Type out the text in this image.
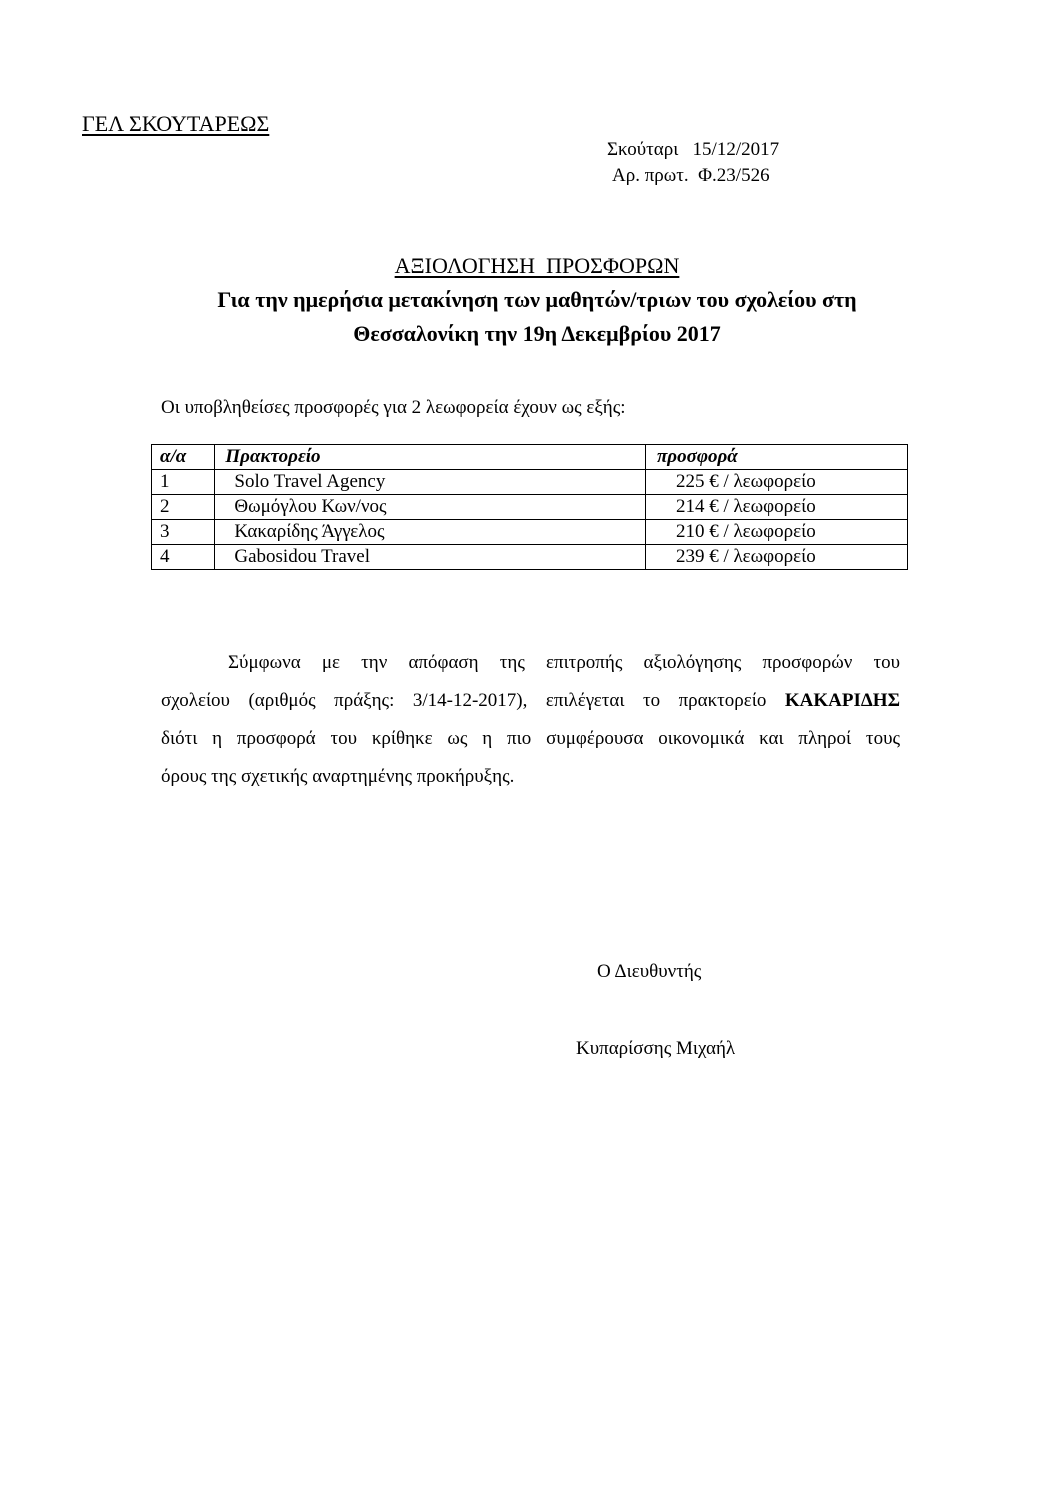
ΓΕΛ ΣΚΟΥΤΑΡΕΩΣ
Σκούταρι   15/12/2017
Αρ. πρωτ.  Φ.23/526
ΑΞΙΟΛΟΓΗΣΗ  ΠΡΟΣΦΟΡΩΝ
Για την ημερήσια μετακίνηση των μαθητών/τριων του σχολείου στη
Θεσσαλονίκη την 19η Δεκεμβρίου 2017
Οι υποβληθείσες προσφορές για 2 λεωφορεία έχουν ως εξής:
α/α	Πρακτορείο	προσφορά
1	Solo Travel Agency	225 € / λεωφορείο
2	Θωμόγλου Κων/νος	214 € / λεωφορείο
3	Κακαρίδης Άγγελος	210 € / λεωφορείο
4	Gabosidou Travel	239 € / λεωφορείο
Σύμφωνα με την απόφαση της επιτροπής αξιολόγησης προσφορών του
σχολείου (αριθμός πράξης: 3/14-12-2017), επιλέγεται το πρακτορείο ΚΑΚΑΡΙΔΗΣ
διότι η προσφορά του κρίθηκε ως η πιο συμφέρουσα οικονομικά και πληροί τους
όρους της σχετικής αναρτημένης προκήρυξης.
Ο Διευθυντής
Κυπαρίσσης Μιχαήλ
